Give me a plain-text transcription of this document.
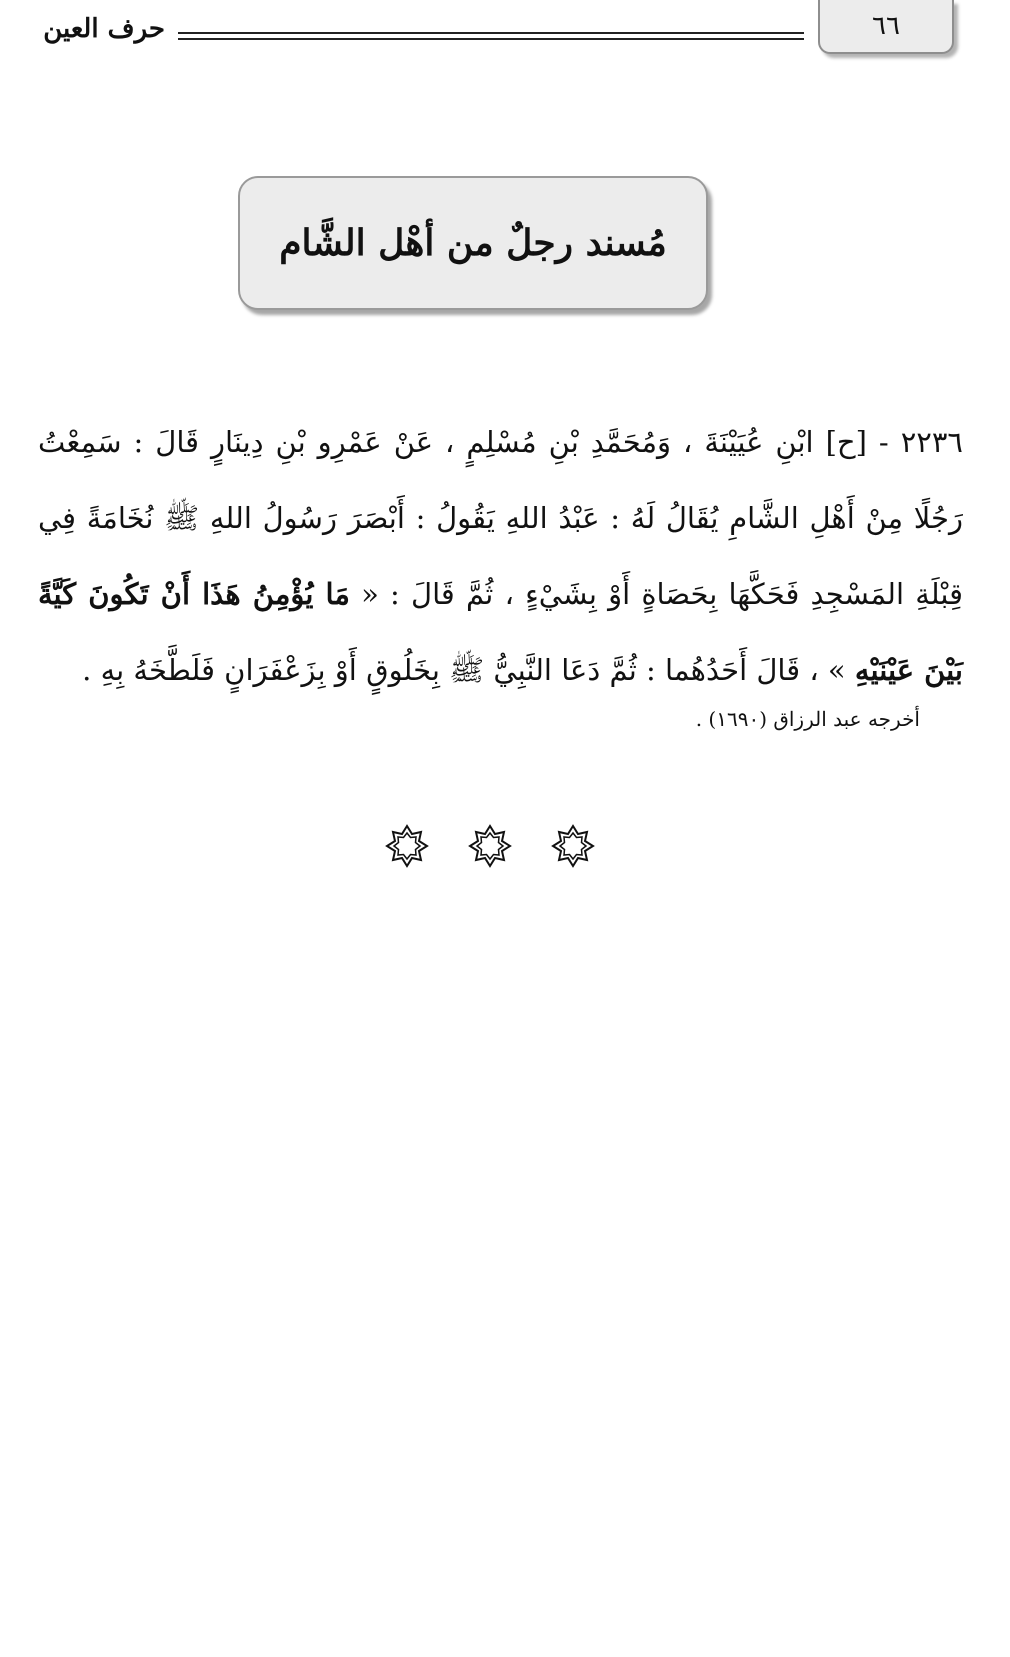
٦٦
حرف العين
مُسند رجلٌ من أهْل الشَّام
٢٢٣٦ - [ح] ابْنِ عُيَيْنَةَ ، وَمُحَمَّدِ بْنِ مُسْلِمٍ ، عَنْ عَمْرِو بْنِ دِينَارٍ قَالَ : سَمِعْتُ رَجُلًا مِنْ أَهْلِ الشَّامِ يُقَالُ لَهُ : عَبْدُ اللهِ يَقُولُ : أَبْصَرَ رَسُولُ اللهِ ﷺ نُخَامَةً فِي قِبْلَةِ المَسْجِدِ فَحَكَّهَا بِحَصَاةٍ أَوْ بِشَيْءٍ ، ثُمَّ قَالَ : « مَا يُؤْمِنُ هَذَا أَنْ تَكُونَ كَيَّةً بَيْنَ عَيْنَيْهِ » ، قَالَ أَحَدُهُما : ثُمَّ دَعَا النَّبِيُّ ﷺ بِخَلُوقٍ أَوْ بِزَعْفَرَانٍ فَلَطَّخَهُ بِهِ .
أخرجه عبد الرزاق (١٦٩٠) .
